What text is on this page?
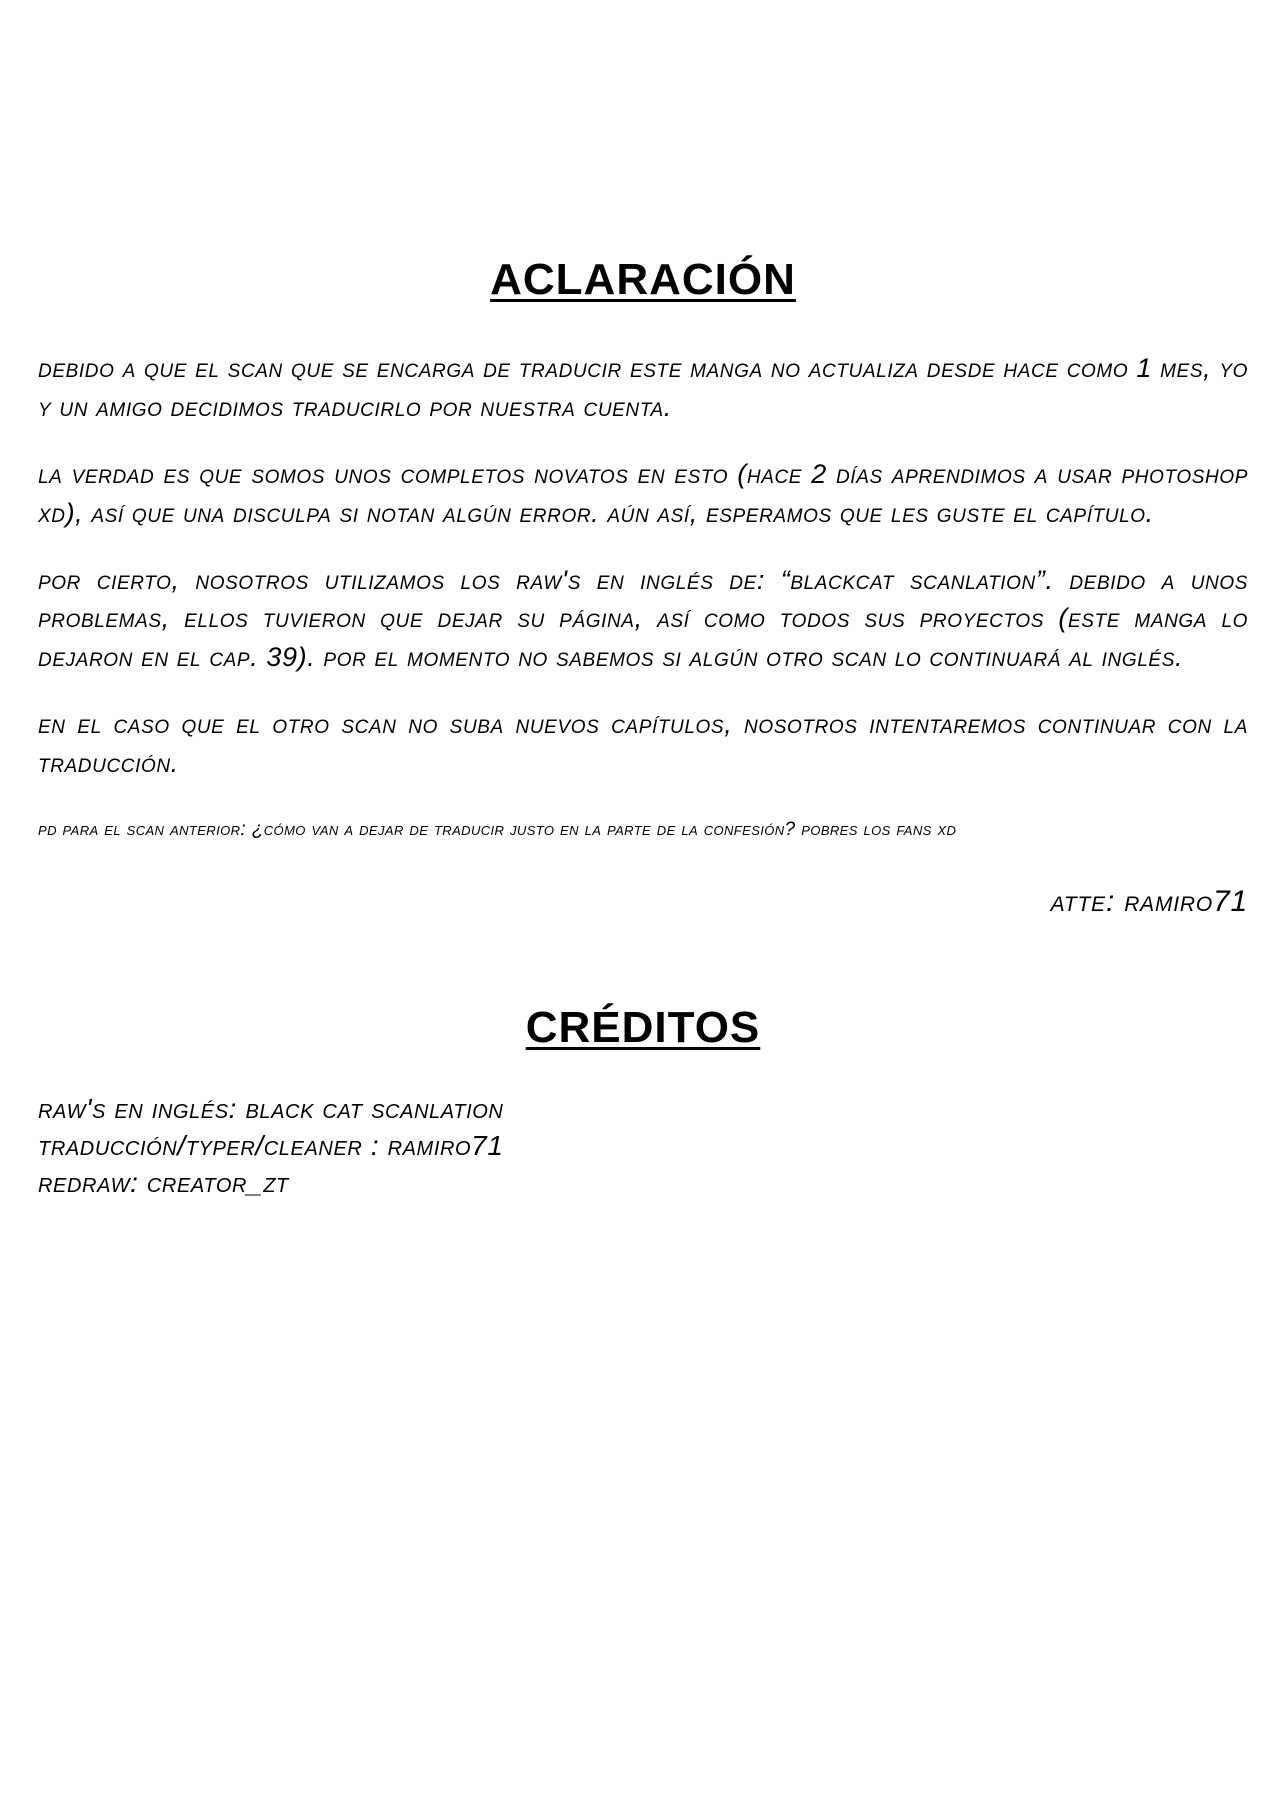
ACLARACIÓN

debido a que el scan que se encarga de traducir este manga no actualiza desde hace como 1 mes, yo y un amigo decidimos traducirlo por nuestra cuenta.

la verdad es que somos unos completos novatos en esto (hace 2 días aprendimos a usar photoshop xd), así que una disculpa si notan algún error. aún así, esperamos que les guste el capítulo.

por cierto, nosotros utilizamos los raw's en inglés de: “blackcat scanlation”. debido a unos problemas, ellos tuvieron que dejar su página, así como todos sus proyectos (este manga lo dejaron en el cap. 39). por el momento no sabemos si algún otro scan lo continuará al inglés.

en el caso que el otro scan no suba nuevos capítulos, nosotros intentaremos continuar con la traducción.

pd para el scan anterior: ¿cómo van a dejar de traducir justo en la parte de la confesión? pobres los fans xd

atte: ramiro71

CRÉDITOS

raw's en inglés: black cat scanlation

traducción/typer/cleaner : ramiro71

redraw: creator_zt
